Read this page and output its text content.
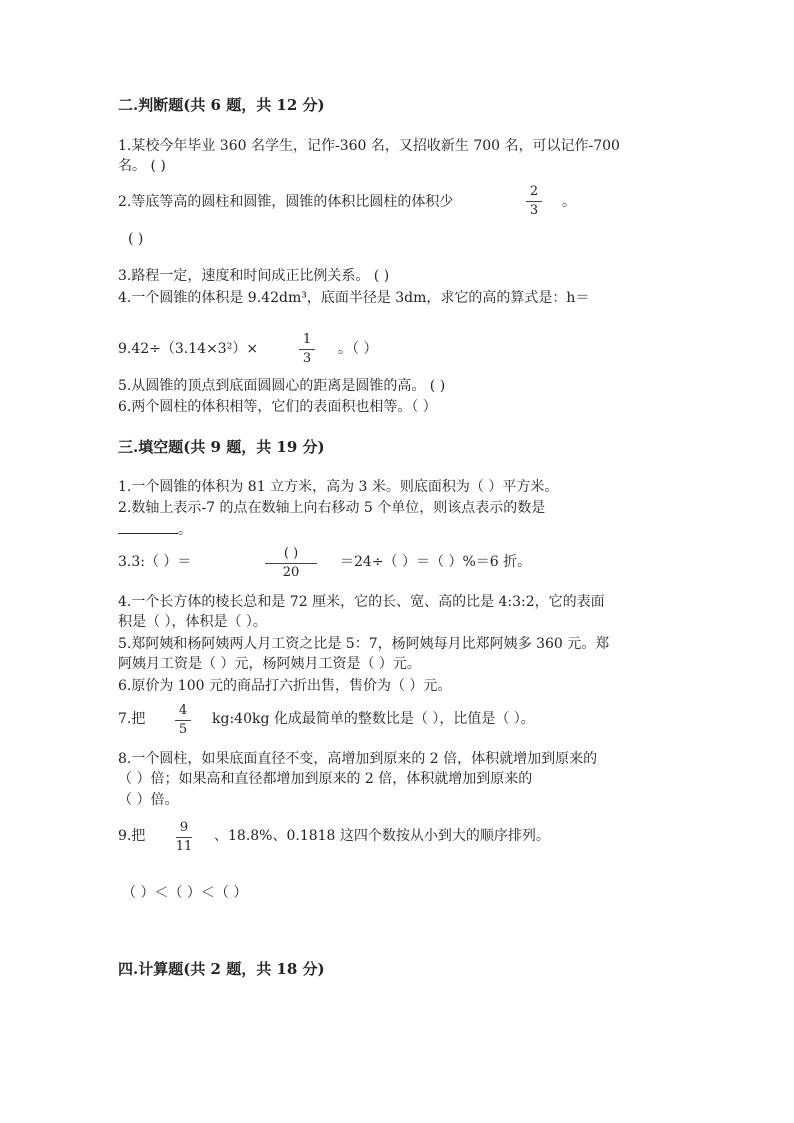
二.判断题(共 6 题，共 12 分)
1.某校今年毕业 360 名学生，记作-360 名，又招收新生 700 名，可以记作-700
名。 ( )
2.等底等高的圆柱和圆锥，圆锥的体积比圆柱的体积少
2
3
。
( )
3.路程一定，速度和时间成正比例关系。 ( )
4.一个圆锥的体积是 9.42dm³，底面半径是 3dm，求它的高的算式是：h＝
9.42÷（3.14×3²）×
1
3
。（ ）
5.从圆锥的顶点到底面圆圆心的距离是圆锥的高。 ( )
6.两个圆柱的体积相等，它们的表面积也相等。（ ）
三.填空题(共 9 题，共 19 分)
1.一个圆锥的体积为 81 立方米，高为 3 米。则底面积为（ ）平方米。
2.数轴上表示-7 的点在数轴上向右移动 5 个单位，则该点表示的数是
。
3.3:（ ）＝
( )
20
＝24÷（ ）＝（ ）%＝6 折。
4.一个长方体的棱长总和是 72 厘米，它的长、宽、高的比是 4:3:2，它的表面
积是（ ），体积是（ ）。
5.郑阿姨和杨阿姨两人月工资之比是 5：7，杨阿姨每月比郑阿姨多 360 元。郑
阿姨月工资是（ ）元，杨阿姨月工资是（ ）元。
6.原价为 100 元的商品打六折出售，售价为（ ）元。
7.把
4
5
kg:40kg 化成最简单的整数比是（ ），比值是（ ）。
8.一个圆柱，如果底面直径不变，高增加到原来的 2 倍，体积就增加到原来的
（ ）倍；如果高和直径都增加到原来的 2 倍，体积就增加到原来的
（ ）倍。
9.把
9
11
、18.8%、0.1818 这四个数按从小到大的顺序排列。
（ ）＜（ ）＜（ ）
四.计算题(共 2 题，共 18 分)
